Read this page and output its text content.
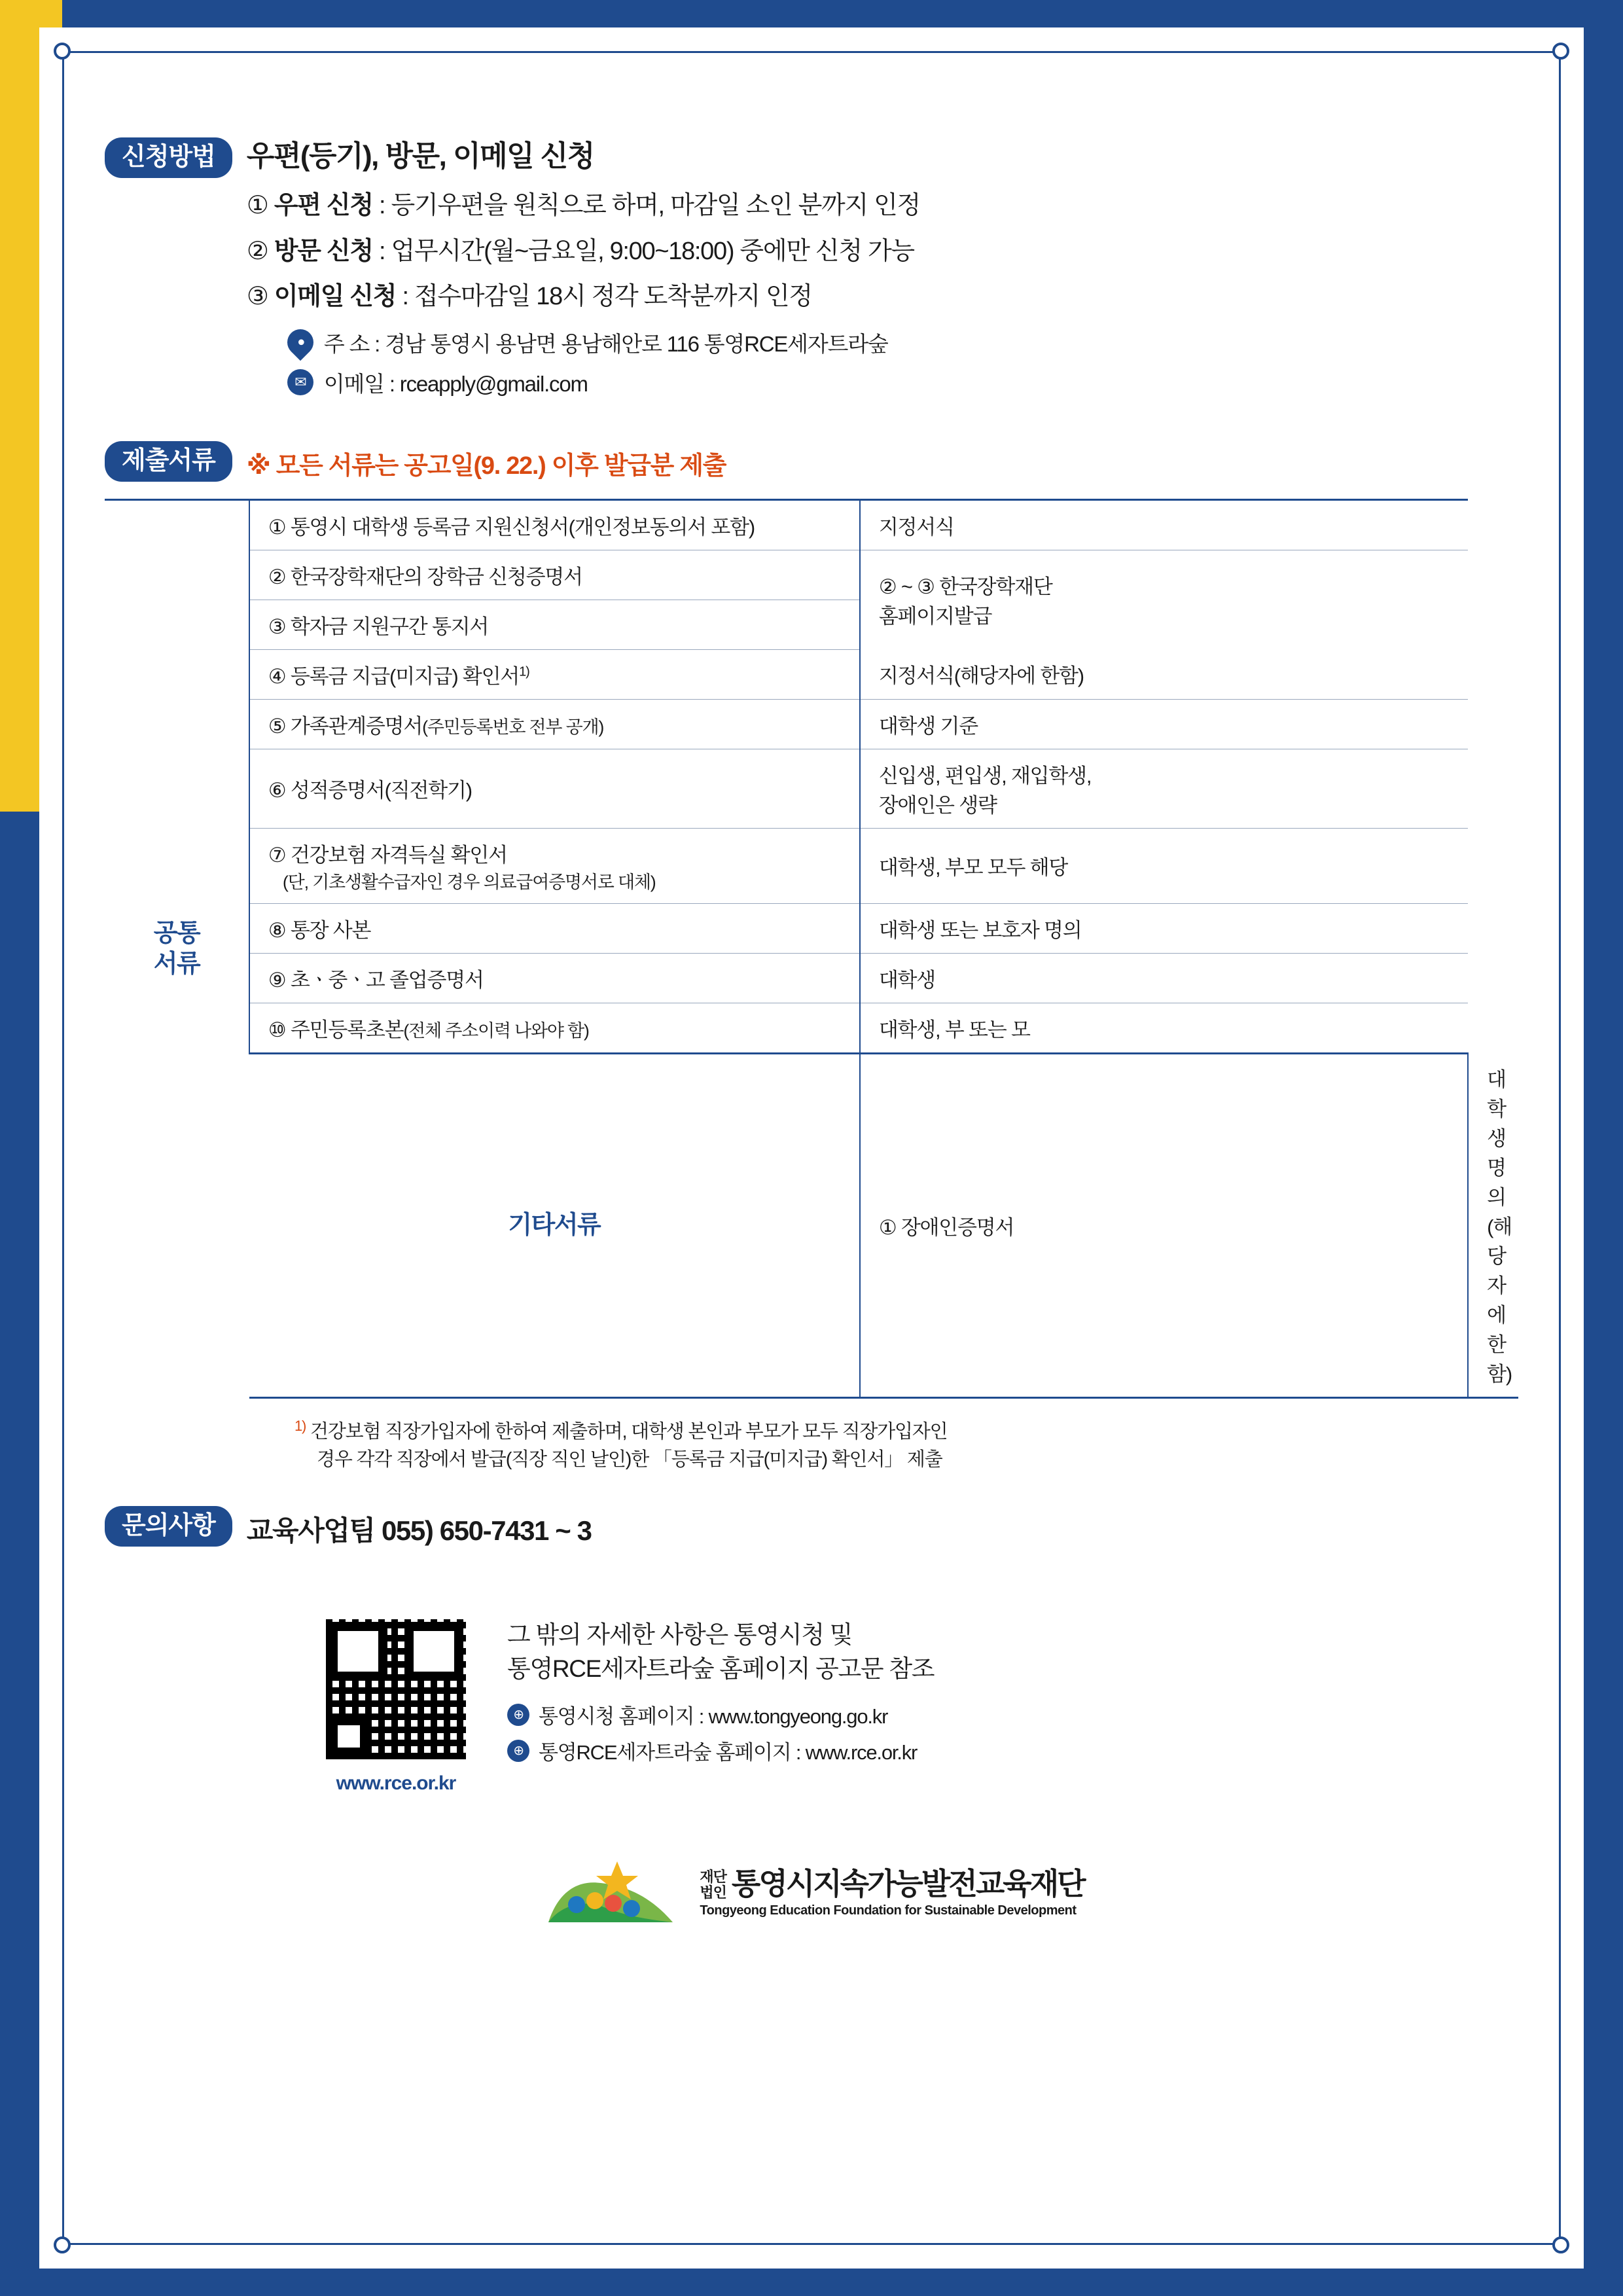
신청방법	우편(등기), 방문, 이메일 신청
① 우편 신청 : 등기우편을 원칙으로 하며, 마감일 소인 분까지 인정
② 방문 신청 : 업무시간(월~금요일, 9:00~18:00) 중에만 신청 가능
③ 이메일 신청 : 접수마감일 18시 정각 도착분까지 인정
● 주 소 : 경남 통영시 용남면 용남해안로 116 통영RCE세자트라숲
✉ 이메일 : rceapply@gmail.com
제출서류	※ 모든 서류는 공고일(9. 22.) 이후 발급분 제출
공통
서류	① 통영시 대학생 등록금 지원신청서(개인정보동의서 포함)	지정서식	
	② 한국장학재단의 장학금 신청증명서	② ~ ③ 한국장학재단
홈페이지발급	

	③ 학자금 지원구간 통지서		
	④ 등록금 지급(미지급) 확인서$^{1)}$	지정서식(해당자에 한함)	
	⑤ 가족관계증명서(주민등록번호 전부 공개)	대학생 기준	
	⑥ 성적증명서(직전학기)	신입생, 편입생, 재입학생,
장애인은 생략	

	⑦ 건강보험 자격득실 확인서
(단, 기초생활수급자인 경우 의료급여증명서로 대체)	대학생, 부모 모두 해당	
	⑧ 통장 사본	대학생 또는 보호자 명의	
	⑨ 초ㆍ중ㆍ고 졸업증명서	대학생	
	⑩ 주민등록초본(전체 주소이력 나와야 함)	대학생, 부 또는 모	
	기타서류	① 장애인증명서	대학생 명의(해당자에 한함)
$^{1)}$ 건강보험 직장가입자에 한하여 제출하며, 대학생 본인과 부모가 모두 직장가입자인
경우 각각 직장에서 발급(직장 직인 날인)한 「등록금 지급(미지급) 확인서」 제출
문의사항	교육사업팀 055) 650-7431 ~ 3
www.rce.or.kr
그 밖의 자세한 사항은 통영시청 및
통영RCE세자트라숲 홈페이지 공고문 참조
⊕ 통영시청 홈페이지 : www.tongyeong.go.kr
⊕ 통영RCE세자트라숲 홈페이지 : www.rce.or.kr
재단
법인 통영시지속가능발전교육재단
Tongyeong Education Foundation for Sustainable Development
